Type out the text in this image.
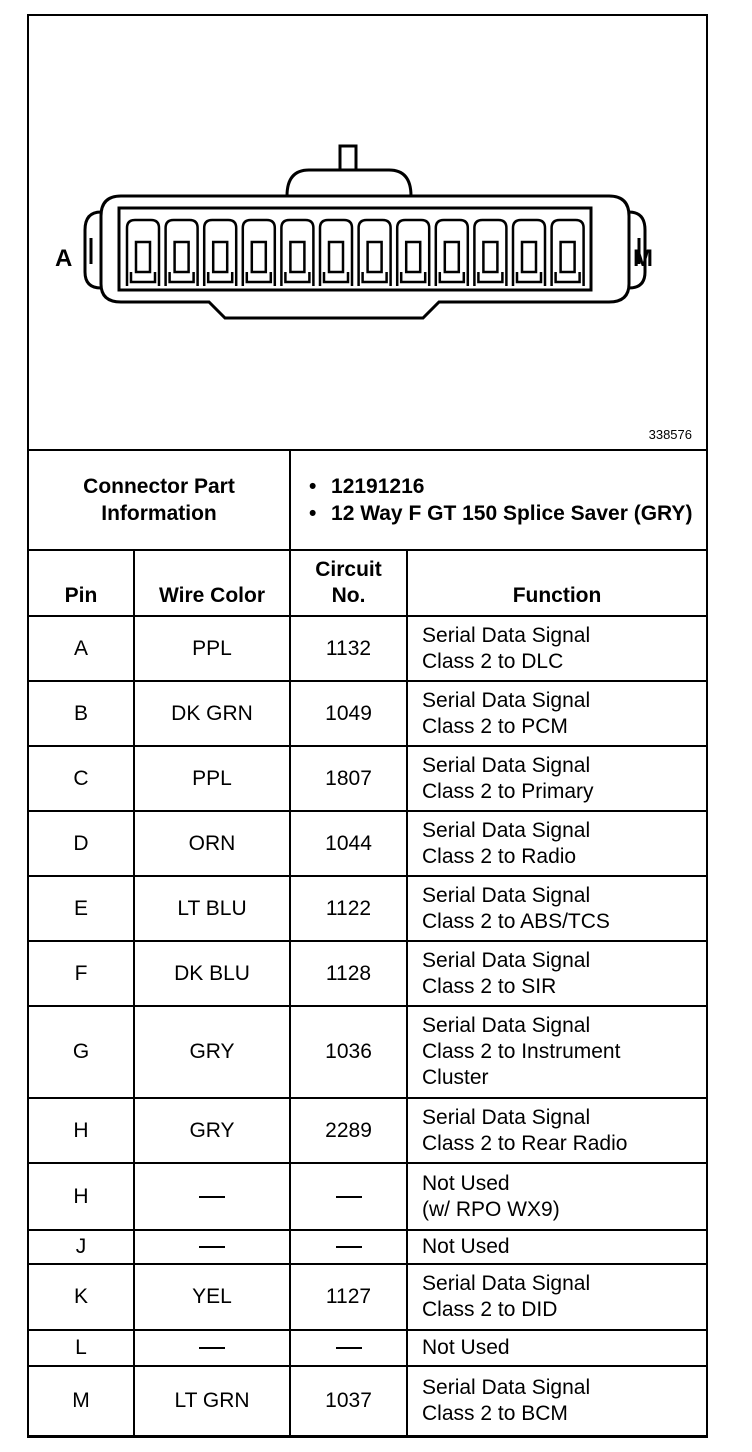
A	M
338576
Connector Part Information		• 12191216
• 12 Way F GT 150 Splice Saver (GRY)	

Pin	Wire Color	Circuit No.	Function
A	PPL	1132	Serial Data Signal
Class 2 to DLC

B	DK GRN	1049	Serial Data Signal
Class 2 to PCM

C	PPL	1807	Serial Data Signal
Class 2 to Primary

D	ORN	1044	Serial Data Signal
Class 2 to Radio

E	LT BLU	1122	Serial Data Signal
Class 2 to ABS/TCS

F	DK BLU	1128	Serial Data Signal
Class 2 to SIR

G	GRY	1036	Serial Data Signal
Class 2 to Instrument
Cluster

H	GRY	2289	Serial Data Signal
Class 2 to Rear Radio

H			Not Used
(w/ RPO WX9)

J			Not Used

K	YEL	1127	Serial Data Signal
Class 2 to DID

L			Not Used

M	LT GRN	1037	Serial Data Signal
Class 2 to BCM
